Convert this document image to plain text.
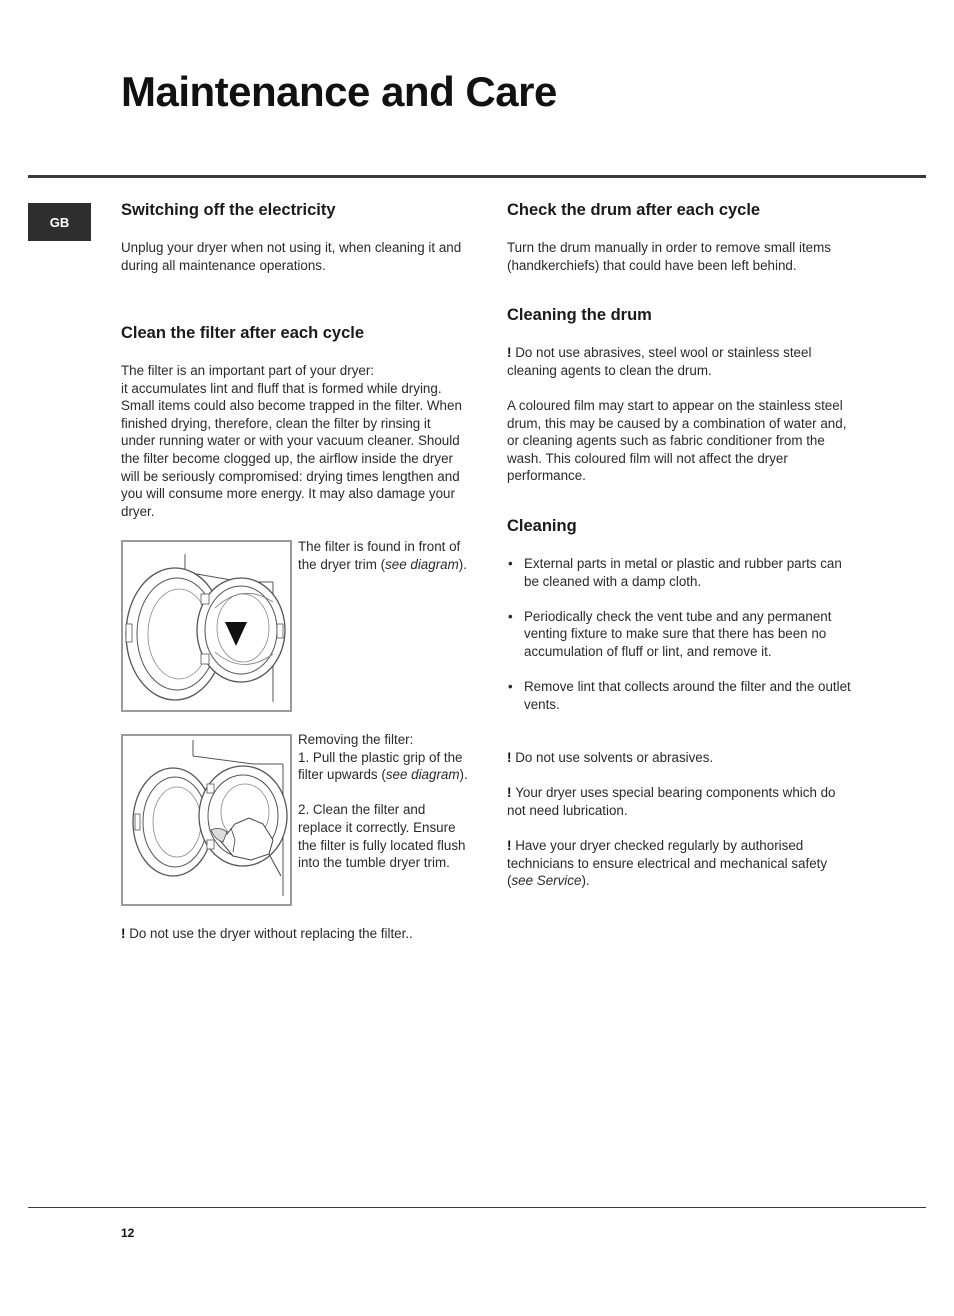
Maintenance and Care
GB
Switching off the electricity

Unplug your dryer when not using it, when cleaning it and during all maintenance operations.

Clean the filter after each cycle

The filter is an important part of your dryer:

it accumulates lint and fluff that is formed while drying. Small items could also become trapped in the filter. When finished drying, therefore, clean the filter by rinsing it under running water or with your vacuum cleaner. Should the filter become clogged up, the airflow inside the dryer will be seriously compromised: drying times lengthen and you will consume more energy. It may also damage your dryer.

The filter is found in front of the dryer trim (see diagram).

Removing the filter:

1. Pull the plastic grip of the filter upwards (see diagram).

2. Clean the filter and replace it correctly. Ensure the filter is fully located flush into the tumble dryer trim.

! Do not use the dryer without replacing the filter..

Check the drum after each cycle

Turn the drum manually in order to remove small items (handkerchiefs) that could have been left behind.

Cleaning the drum

! Do not use abrasives, steel wool or stainless steel cleaning agents to clean the drum.

A coloured film may start to appear on the stainless steel drum, this may be caused by a combination of water and, or cleaning agents such as fabric conditioner from the wash. This coloured film will not affect the dryer performance.

Cleaning
• External parts in metal or plastic and rubber parts can be cleaned with a damp cloth.
• Periodically check the vent tube and any permanent venting fixture to make sure that there has been no accumulation of fluff or lint, and remove it.
• Remove lint that collects around the filter and the outlet vents.

! Do not use solvents or abrasives.

! Your dryer uses special bearing components which do not need lubrication.

! Have your dryer checked regularly by authorised technicians to ensure electrical and mechanical safety (see Service).

12
